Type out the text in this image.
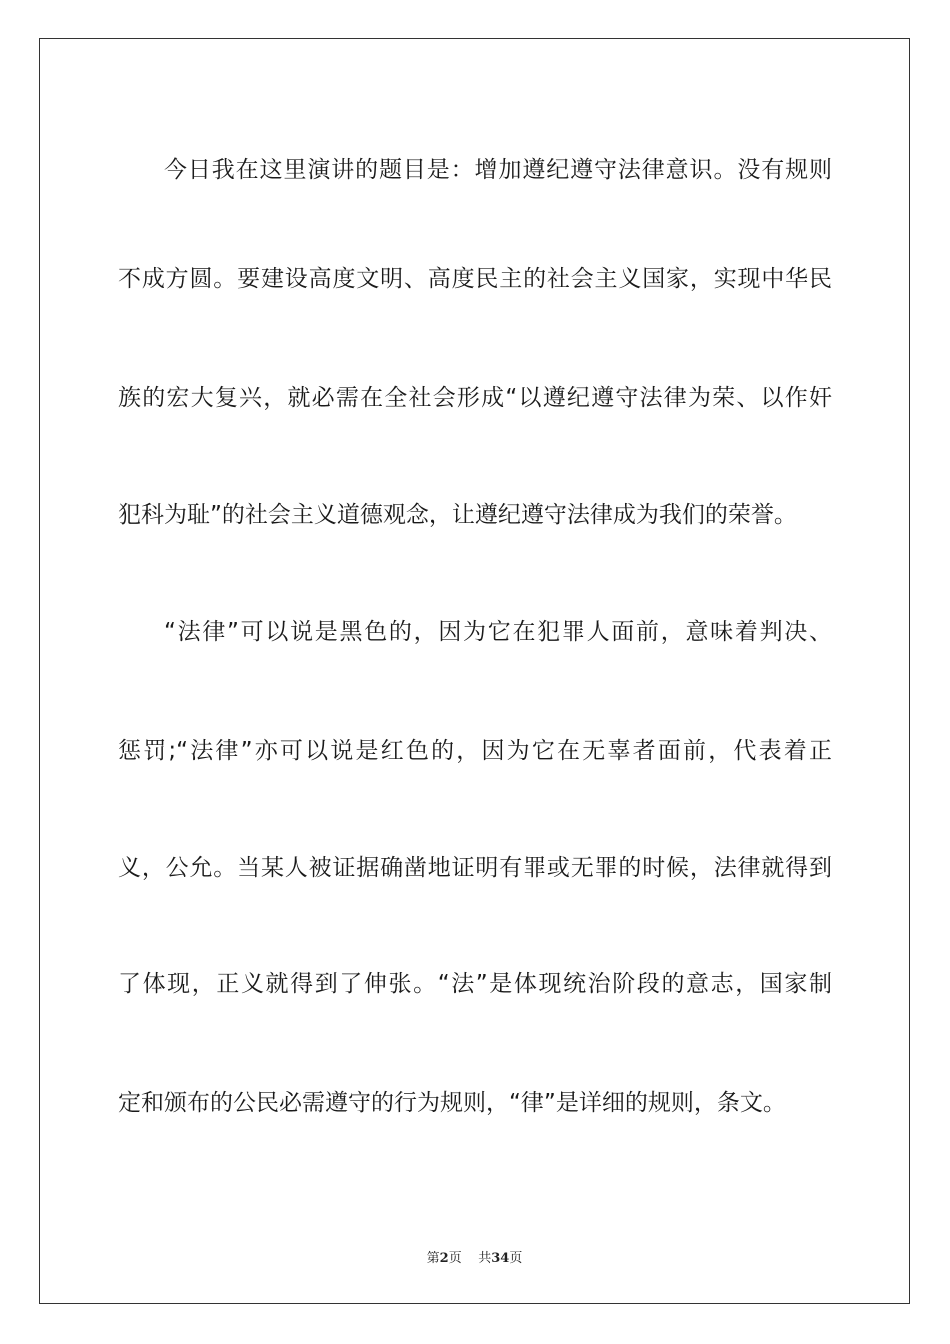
今日我在这里演讲的题目是：增加遵纪遵守法律意识。没有规则
不成方圆。要建设高度文明、高度民主的社会主义国家，实现中华民
族的宏大复兴，就必需在全社会形成“以遵纪遵守法律为荣、以作奸
犯科为耻”的社会主义道德观念，让遵纪遵守法律成为我们的荣誉。
“法律”可以说是黑色的，因为它在犯罪人面前，意味着判决、
惩罚;“法律”亦可以说是红色的，因为它在无辜者面前，代表着正
义，公允。当某人被证据确凿地证明有罪或无罪的时候，法律就得到
了体现，正义就得到了伸张。“法”是体现统治阶段的意志，国家制
定和颁布的公民必需遵守的行为规则，“律”是详细的规则，条文。
第2页 共34页
